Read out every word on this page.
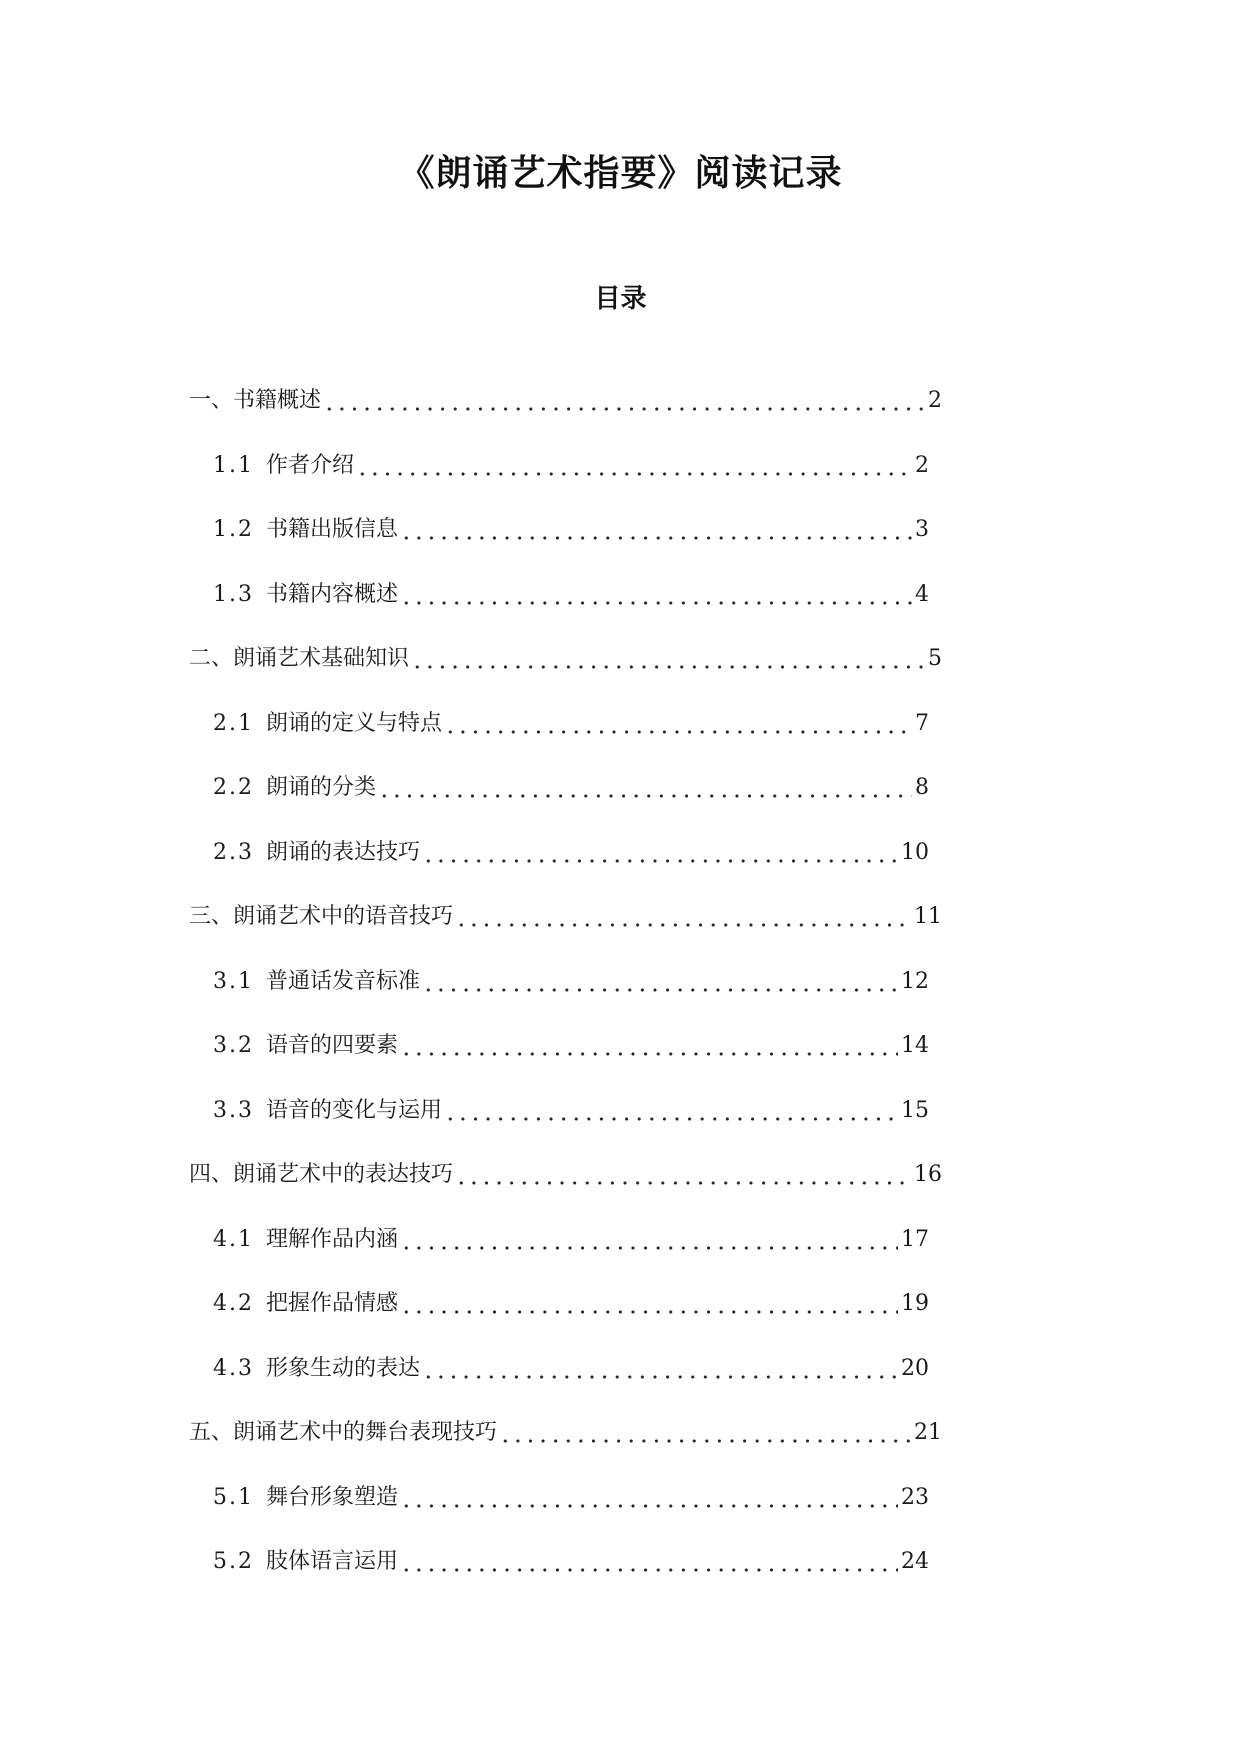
《朗诵艺术指要》阅读记录
目录
一、 书籍概述	2
1.1 作者介绍	2
1.2 书籍出版信息	3
1.3 书籍内容概述	4
二、 朗诵艺术基础知识	5
2.1 朗诵的定义与特点	7
2.2 朗诵的分类	8
2.3 朗诵的表达技巧	10
三、 朗诵艺术中的语音技巧	11
3.1 普通话发音标准	12
3.2 语音的四要素	14
3.3 语音的变化与运用	15
四、 朗诵艺术中的表达技巧	16
4.1 理解作品内涵	17
4.2 把握作品情感	19
4.3 形象生动的表达	20
五、 朗诵艺术中的舞台表现技巧	21
5.1 舞台形象塑造	23
5.2 肢体语言运用	24
